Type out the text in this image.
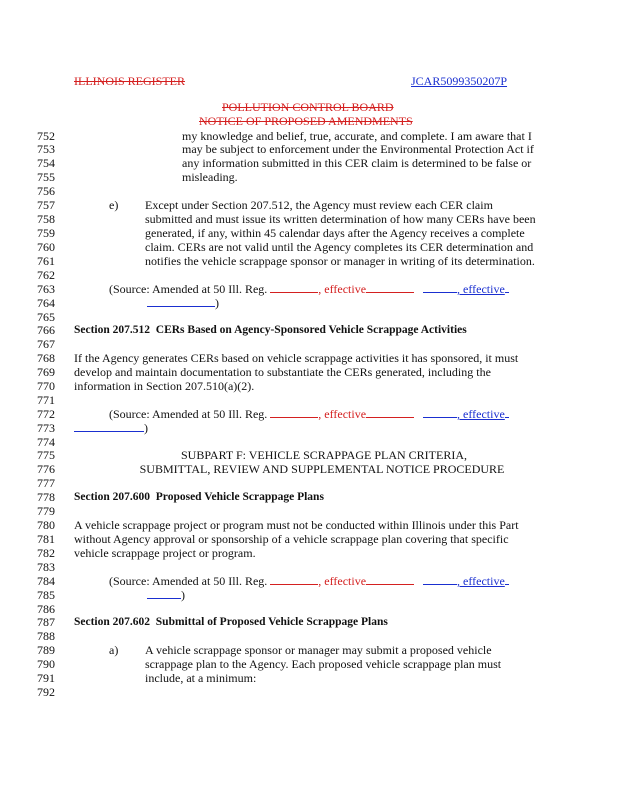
ILLINOIS REGISTER	JCAR5099350207P
POLLUTION CONTROL BOARD
NOTICE OF PROPOSED AMENDMENTS
752
753
754
755
756
757
758
759
760
761
762
763
764
765
766
767
768
769
770
771
772
773
774
775
776
777
778
779
780
781
782
783
784
785
786
787
788
789
790
791
792
my knowledge and belief, true, accurate, and complete. I am aware that I
may be subject to enforcement under the Environmental Protection Act if
any information submitted in this CER claim is determined to be false or
misleading.
e) Except under Section 207.512, the Agency must review each CER claim
submitted and must issue its written determination of how many CERs have been
generated, if any, within 45 calendar days after the Agency receives a complete
claim. CERs are not valid until the Agency completes its CER determination and
notifies the vehicle scrappage sponsor or manager in writing of its determination.
(Source: Amended at 50 Ill. Reg.	, effective	, effective
)
Section 207.512 CERs Based on Agency-Sponsored Vehicle Scrappage Activities
If the Agency generates CERs based on vehicle scrappage activities it has sponsored, it must
develop and maintain documentation to substantiate the CERs generated, including the
information in Section 207.510(a)(2).
(Source: Amended at 50 Ill. Reg.	, effective	, effective
)
SUBPART F: VEHICLE SCRAPPAGE PLAN CRITERIA,
SUBMITTAL, REVIEW AND SUPPLEMENTAL NOTICE PROCEDURE
Section 207.600 Proposed Vehicle Scrappage Plans
A vehicle scrappage project or program must not be conducted within Illinois under this Part
without Agency approval or sponsorship of a vehicle scrappage plan covering that specific
vehicle scrappage project or program.
(Source: Amended at 50 Ill. Reg.	, effective	, effective
)
Section 207.602 Submittal of Proposed Vehicle Scrappage Plans
a) A vehicle scrappage sponsor or manager may submit a proposed vehicle
scrappage plan to the Agency. Each proposed vehicle scrappage plan must
include, at a minimum:
